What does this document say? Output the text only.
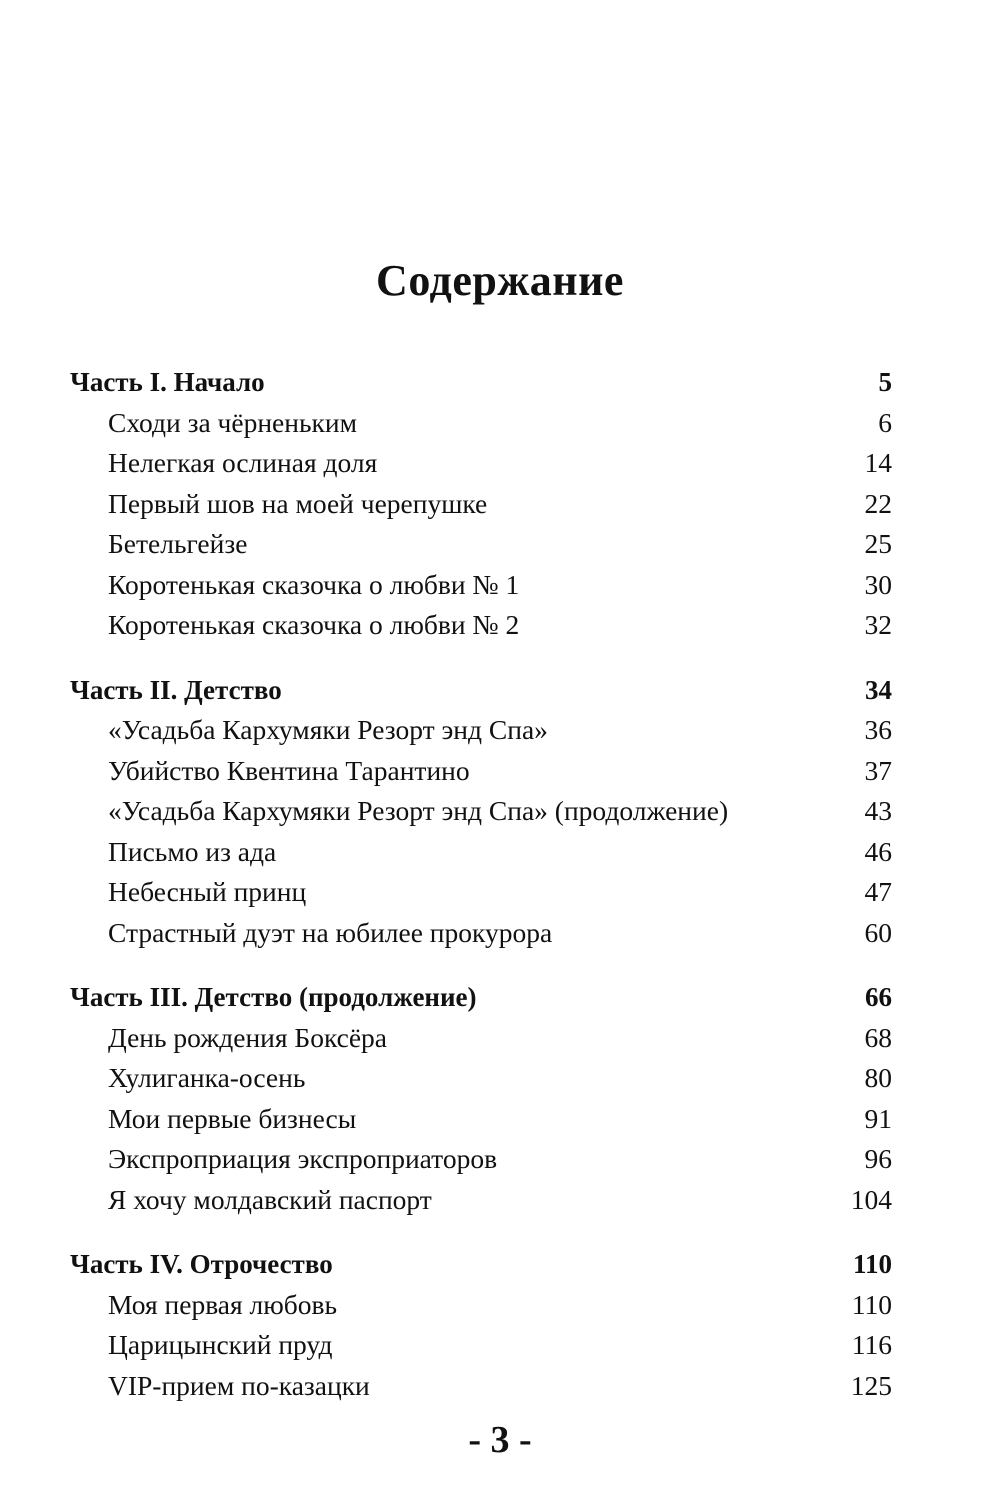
Содержание
Часть I. Начало	5
Сходи за чёрненьким	6
Нелегкая ослиная доля	14
Первый шов на моей черепушке	22
Бетельгейзе	25
Коротенькая сказочка о любви № 1	30
Коротенькая сказочка о любви № 2	32
Часть II. Детство	34
«Усадьба Кархумяки Резорт энд Спа»	36
Убийство Квентина Тарантино	37
«Усадьба Кархумяки Резорт энд Спа» (продолжение)	43
Письмо из ада	46
Небесный принц	47
Страстный дуэт на юбилее прокурора	60
Часть III. Детство (продолжение)	66
День рождения Боксёра	68
Хулиганка-осень	80
Мои первые бизнесы	91
Экспроприация экспроприаторов	96
Я хочу молдавский паспорт	104
Часть IV. Отрочество	110
Моя первая любовь	110
Царицынский пруд	116
VIP-прием по-казацки	125
- 3 -
